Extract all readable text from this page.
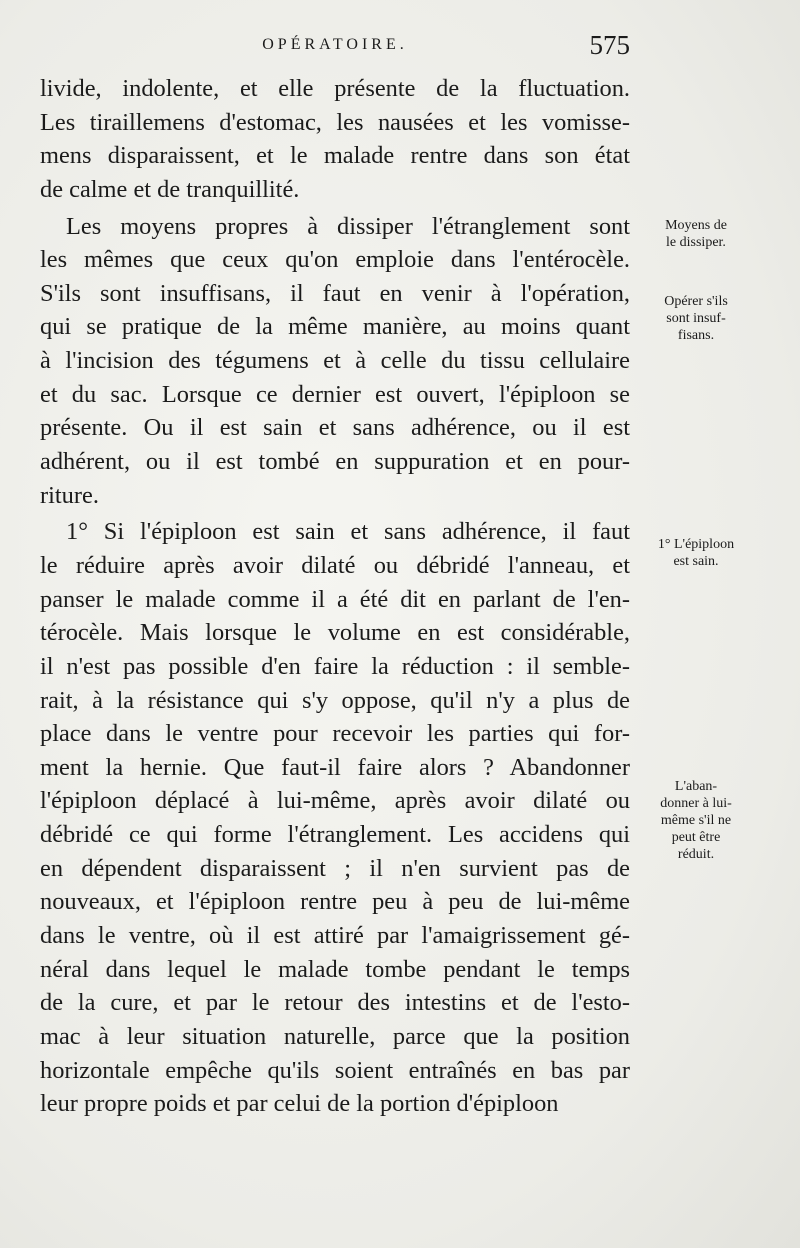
OPÉRATOIRE.	575
livide, indolente, et elle présente de la fluctuation.
Les tiraillemens d'estomac, les nausées et les vomisse-
mens disparaissent, et le malade rentre dans son état
de calme et de tranquillité.
Les moyens propres à dissiper l'étranglement sont
les mêmes que ceux qu'on emploie dans l'entérocèle.
S'ils sont insuffisans, il faut en venir à l'opération,
qui se pratique de la même manière, au moins quant
à l'incision des tégumens et à celle du tissu cellulaire
et du sac. Lorsque ce dernier est ouvert, l'épiploon se
présente. Ou il est sain et sans adhérence, ou il est
adhérent, ou il est tombé en suppuration et en pour-
riture.
1° Si l'épiploon est sain et sans adhérence, il faut
le réduire après avoir dilaté ou débridé l'anneau, et
panser le malade comme il a été dit en parlant de l'en-
térocèle. Mais lorsque le volume en est considérable,
il n'est pas possible d'en faire la réduction : il semble-
rait, à la résistance qui s'y oppose, qu'il n'y a plus de
place dans le ventre pour recevoir les parties qui for-
ment la hernie. Que faut-il faire alors ? Abandonner
l'épiploon déplacé à lui-même, après avoir dilaté ou
débridé ce qui forme l'étranglement. Les accidens qui
en dépendent disparaissent ; il n'en survient pas de
nouveaux, et l'épiploon rentre peu à peu de lui-même
dans le ventre, où il est attiré par l'amaigrissement gé-
néral dans lequel le malade tombe pendant le temps
de la cure, et par le retour des intestins et de l'esto-
mac à leur situation naturelle, parce que la position
horizontale empêche qu'ils soient entraînés en bas par
leur propre poids et par celui de la portion d'épiploon
Moyens de
le dissiper.
Opérer s'ils
sont insuf-
fisans.
1° L'épiploon
est sain.
L'aban-
donner à lui-
même s'il ne
peut être
réduit.
